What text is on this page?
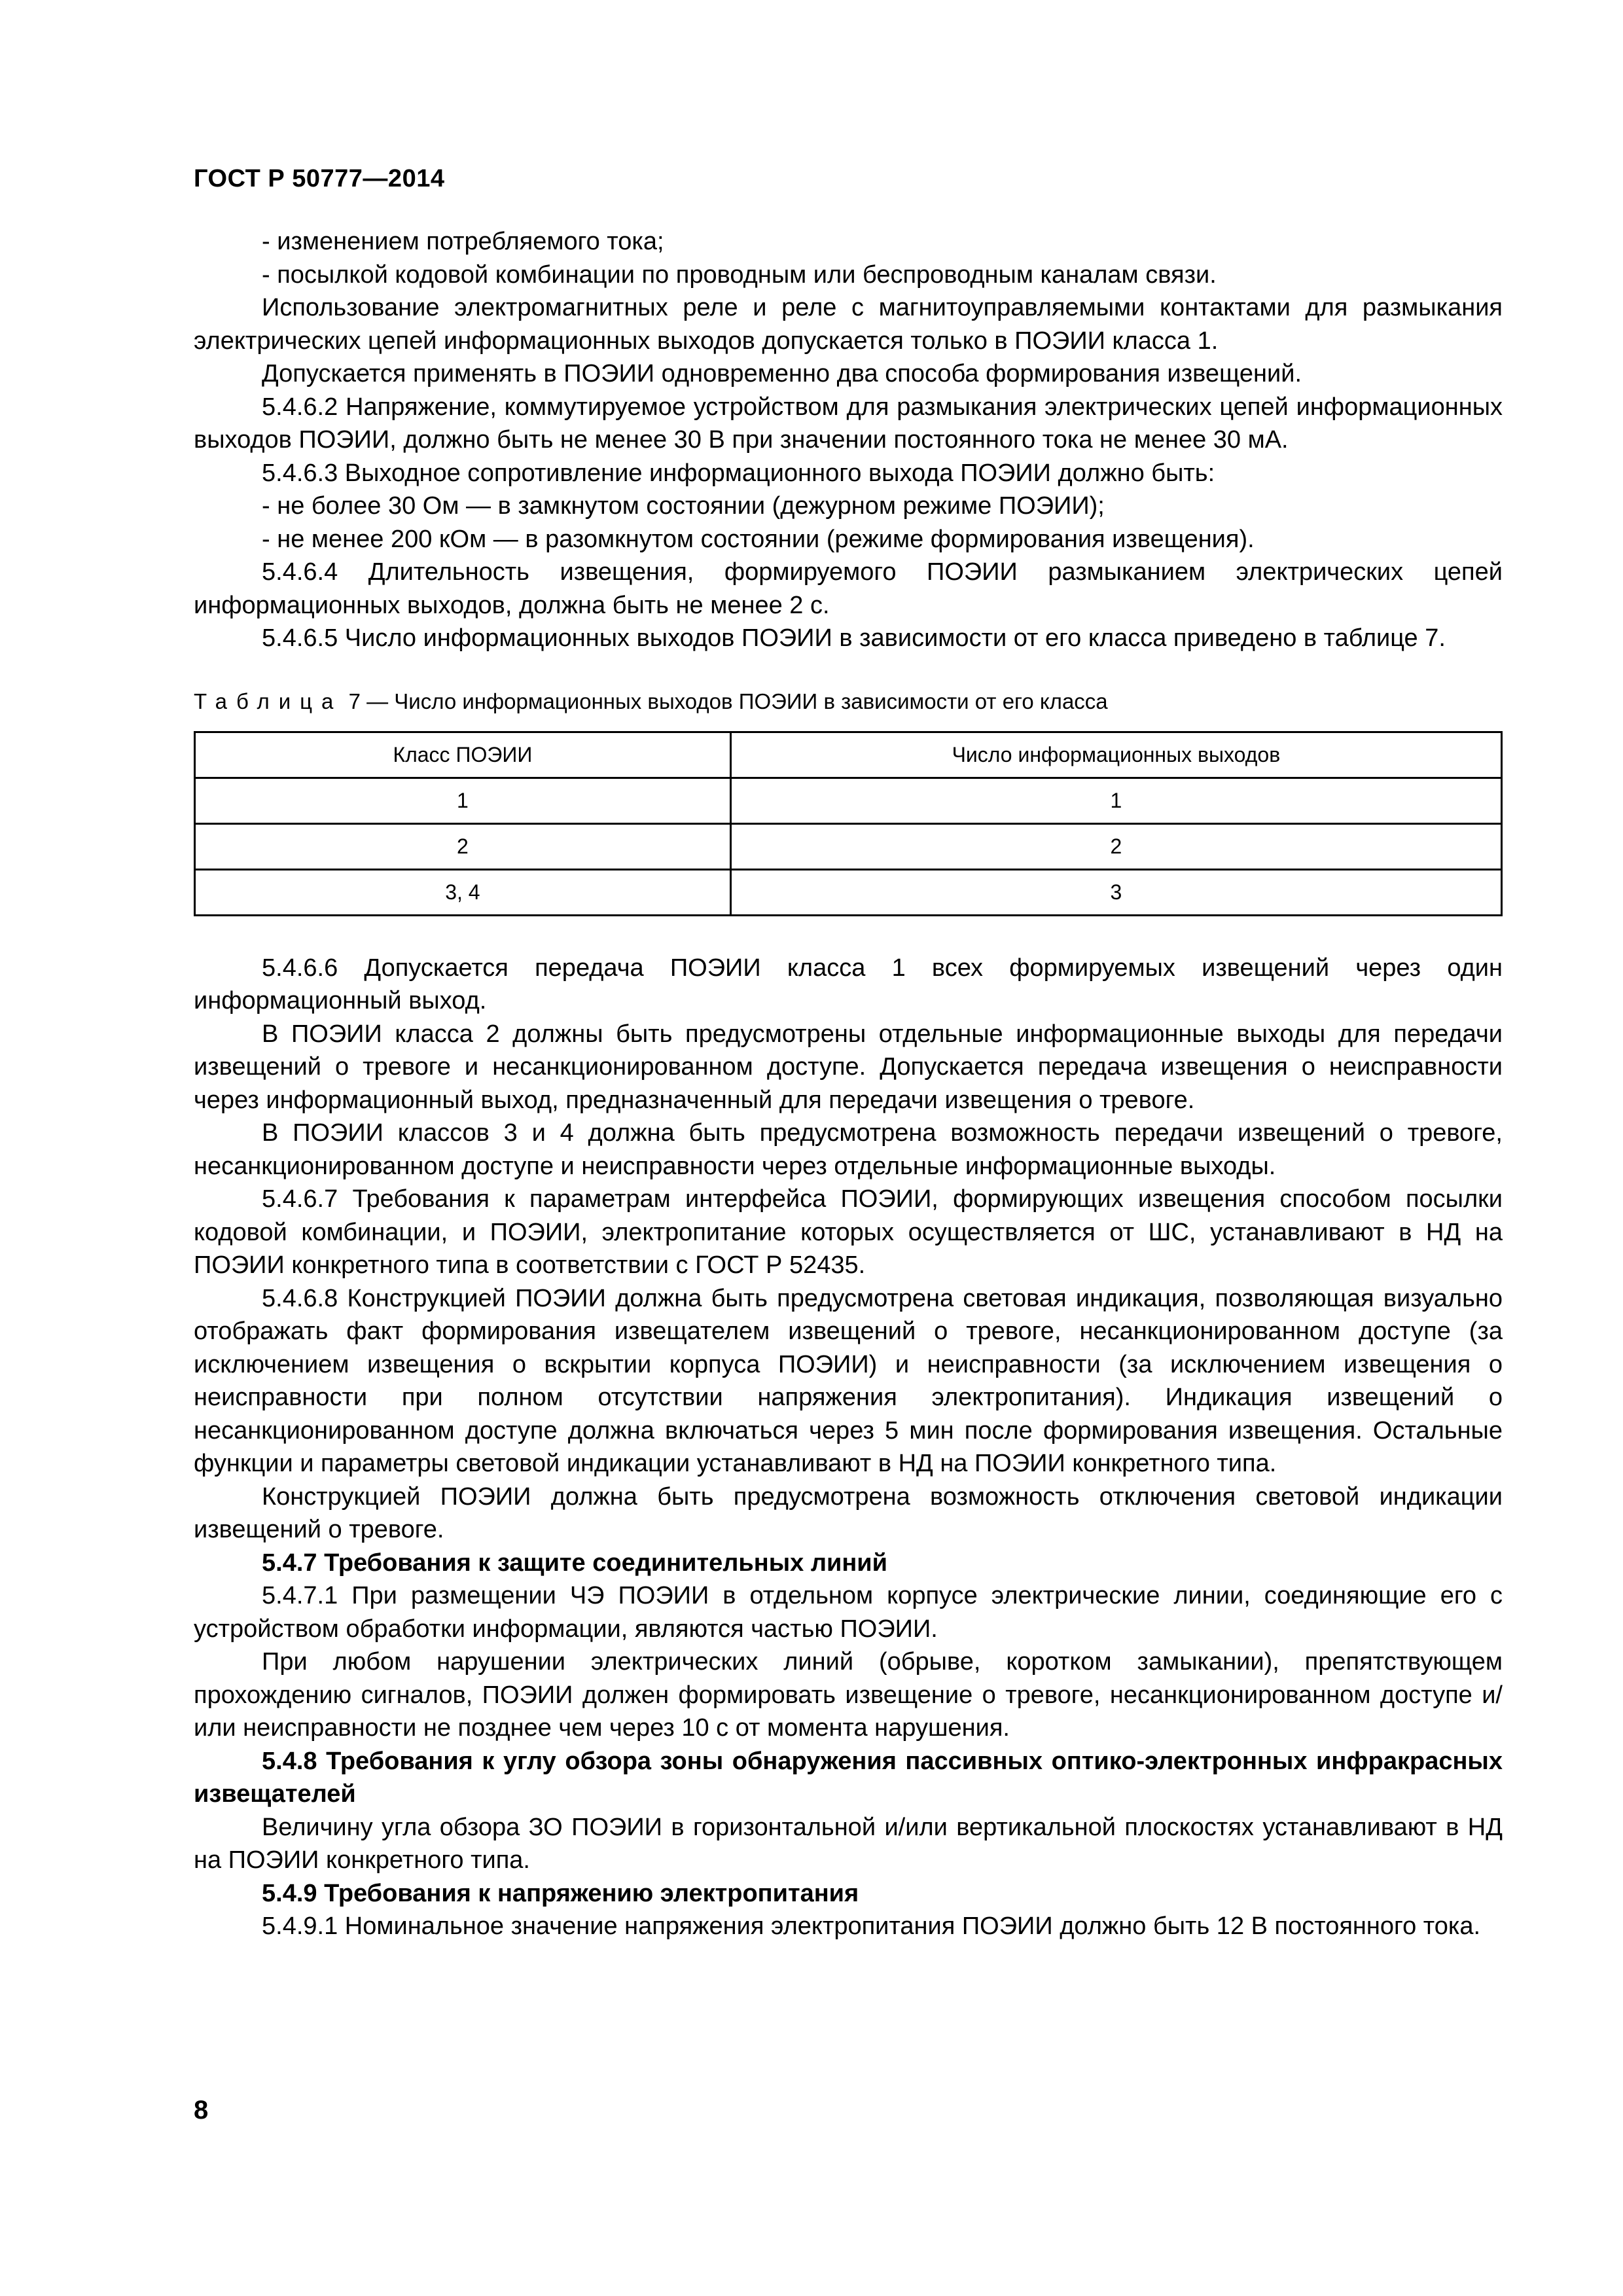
ГОСТ Р 50777—2014

- изменением потребляемого тока;

- посылкой кодовой комбинации по проводным или беспроводным каналам связи.

Использование электромагнитных реле и реле с магнитоуправляемыми контактами для размыкания электрических цепей информационных выходов допускается только в ПОЭИИ класса 1.

Допускается применять в ПОЭИИ одновременно два способа формирования извещений.

5.4.6.2 Напряжение, коммутируемое устройством для размыкания электрических цепей информационных выходов ПОЭИИ, должно быть не менее 30 В при значении постоянного тока не менее 30 мА.

5.4.6.3 Выходное сопротивление информационного выхода ПОЭИИ должно быть:

- не более 30 Ом — в замкнутом состоянии (дежурном режиме ПОЭИИ);

- не менее 200 кОм — в разомкнутом состоянии (режиме формирования извещения).

5.4.6.4 Длительность извещения, формируемого ПОЭИИ размыканием электрических цепей информационных выходов, должна быть не менее 2 с.

5.4.6.5 Число информационных выходов ПОЭИИ в зависимости от его класса приведено в таблице 7.

Таблица 7 — Число информационных выходов ПОЭИИ в зависимости от его класса
Класс ПОЭИИ	Число информационных выходов
1	1
2	2
3, 4	3

5.4.6.6 Допускается передача ПОЭИИ класса 1 всех формируемых извещений через один информационный выход.

В ПОЭИИ класса 2 должны быть предусмотрены отдельные информационные выходы для передачи извещений о тревоге и несанкционированном доступе. Допускается передача извещения о неисправности через информационный выход, предназначенный для передачи извещения о тревоге.

В ПОЭИИ классов 3 и 4 должна быть предусмотрена возможность передачи извещений о тревоге, несанкционированном доступе и неисправности через отдельные информационные выходы.

5.4.6.7 Требования к параметрам интерфейса ПОЭИИ, формирующих извещения способом посылки кодовой комбинации, и ПОЭИИ, электропитание которых осуществляется от ШС, устанавливают в НД на ПОЭИИ конкретного типа в соответствии с ГОСТ Р 52435.

5.4.6.8 Конструкцией ПОЭИИ должна быть предусмотрена световая индикация, позволяющая визуально отображать факт формирования извещателем извещений о тревоге, несанкционированном доступе (за исключением извещения о вскрытии корпуса ПОЭИИ) и неисправности (за исключением извещения о неисправности при полном отсутствии напряжения электропитания). Индикация извещений о несанкционированном доступе должна включаться через 5 мин после формирования извещения. Остальные функции и параметры световой индикации устанавливают в НД на ПОЭИИ конкретного типа.

Конструкцией ПОЭИИ должна быть предусмотрена возможность отключения световой индикации извещений о тревоге.

5.4.7 Требования к защите соединительных линий

5.4.7.1 При размещении ЧЭ ПОЭИИ в отдельном корпусе электрические линии, соединяющие его с устройством обработки информации, являются частью ПОЭИИ.

При любом нарушении электрических линий (обрыве, коротком замыкании), препятствующем прохождению сигналов, ПОЭИИ должен формировать извещение о тревоге, несанкционированном доступе и/или неисправности не позднее чем через 10 с от момента нарушения.

5.4.8 Требования к углу обзора зоны обнаружения пассивных оптико-электронных инфракрасных извещателей

Величину угла обзора ЗО ПОЭИИ в горизонтальной и/или вертикальной плоскостях устанавливают в НД на ПОЭИИ конкретного типа.

5.4.9 Требования к напряжению электропитания

5.4.9.1 Номинальное значение напряжения электропитания ПОЭИИ должно быть 12 В постоянного тока.

8
